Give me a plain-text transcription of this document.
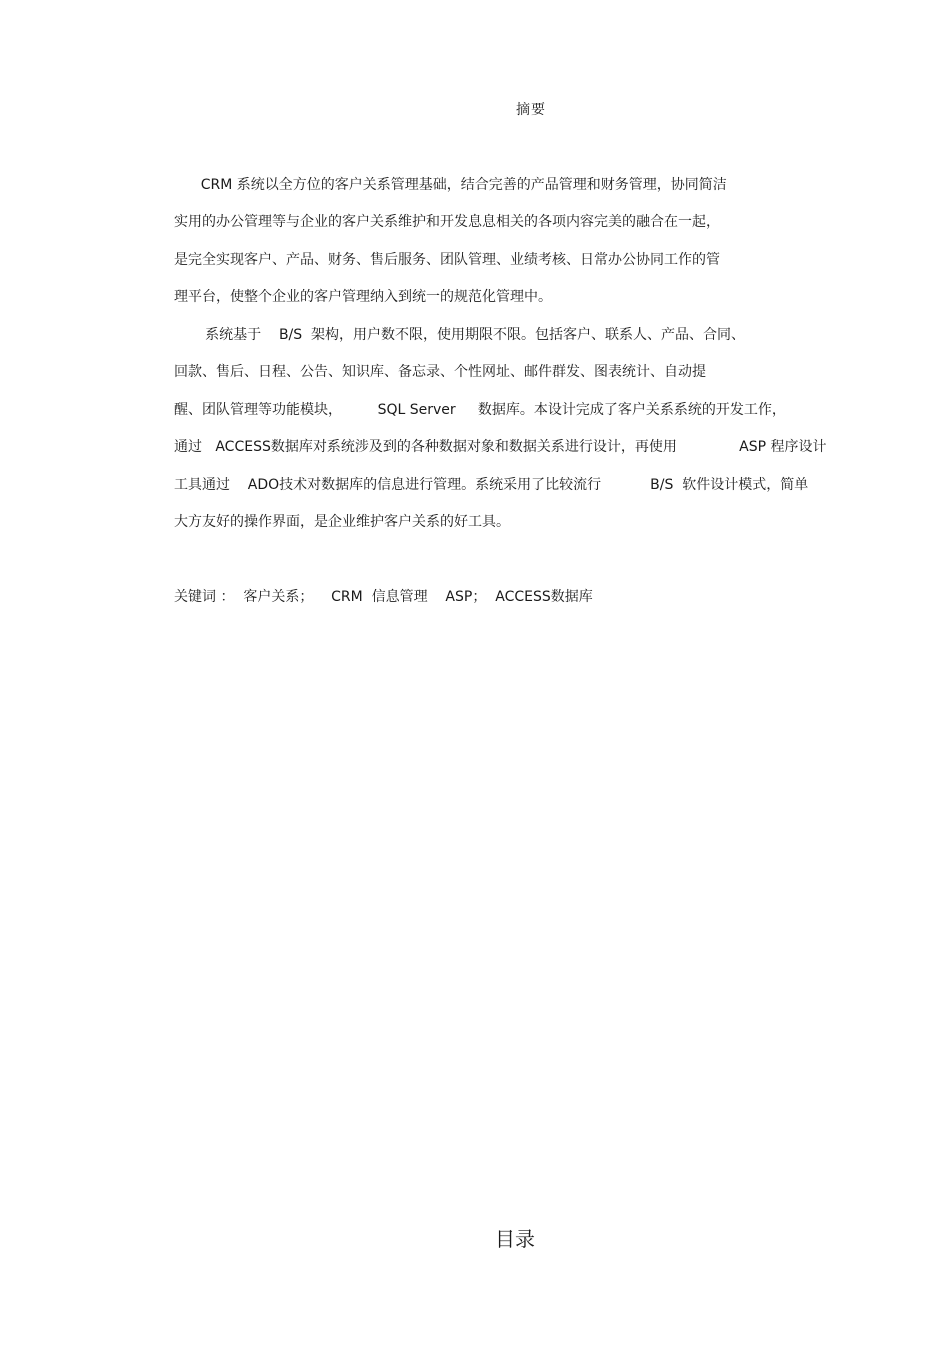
摘要
CRM 系统以全方位的客户关系管理基础，结合完善的产品管理和财务管理，协同简洁
实用的办公管理等与企业的客户关系维护和开发息息相关的各项内容完美的融合在一起，
是完全实现客户、产品、财务、售后服务、团队管理、业绩考核、日常办公协同工作的管
理平台，使整个企业的客户管理纳入到统一的规范化管理中。
系统基于    B/S  架构，用户数不限，使用期限不限。包括客户、联系人、产品、合同、
回款、售后、日程、公告、知识库、备忘录、个性网址、邮件群发、图表统计、自动提
醒、团队管理等功能模块，        SQL Server     数据库。本设计完成了客户关系系统的开发工作，
通过   ACCESS数据库对系统涉及到的各种数据对象和数据关系进行设计，再使用              ASP 程序设计
工具通过    ADO技术对数据库的信息进行管理。系统采用了比较流行           B/S  软件设计模式，简单
大方友好的操作界面，是企业维护客户关系的好工具。
关键词 ：  客户关系；    CRM  信息管理    ASP；  ACCESS数据库
目录
